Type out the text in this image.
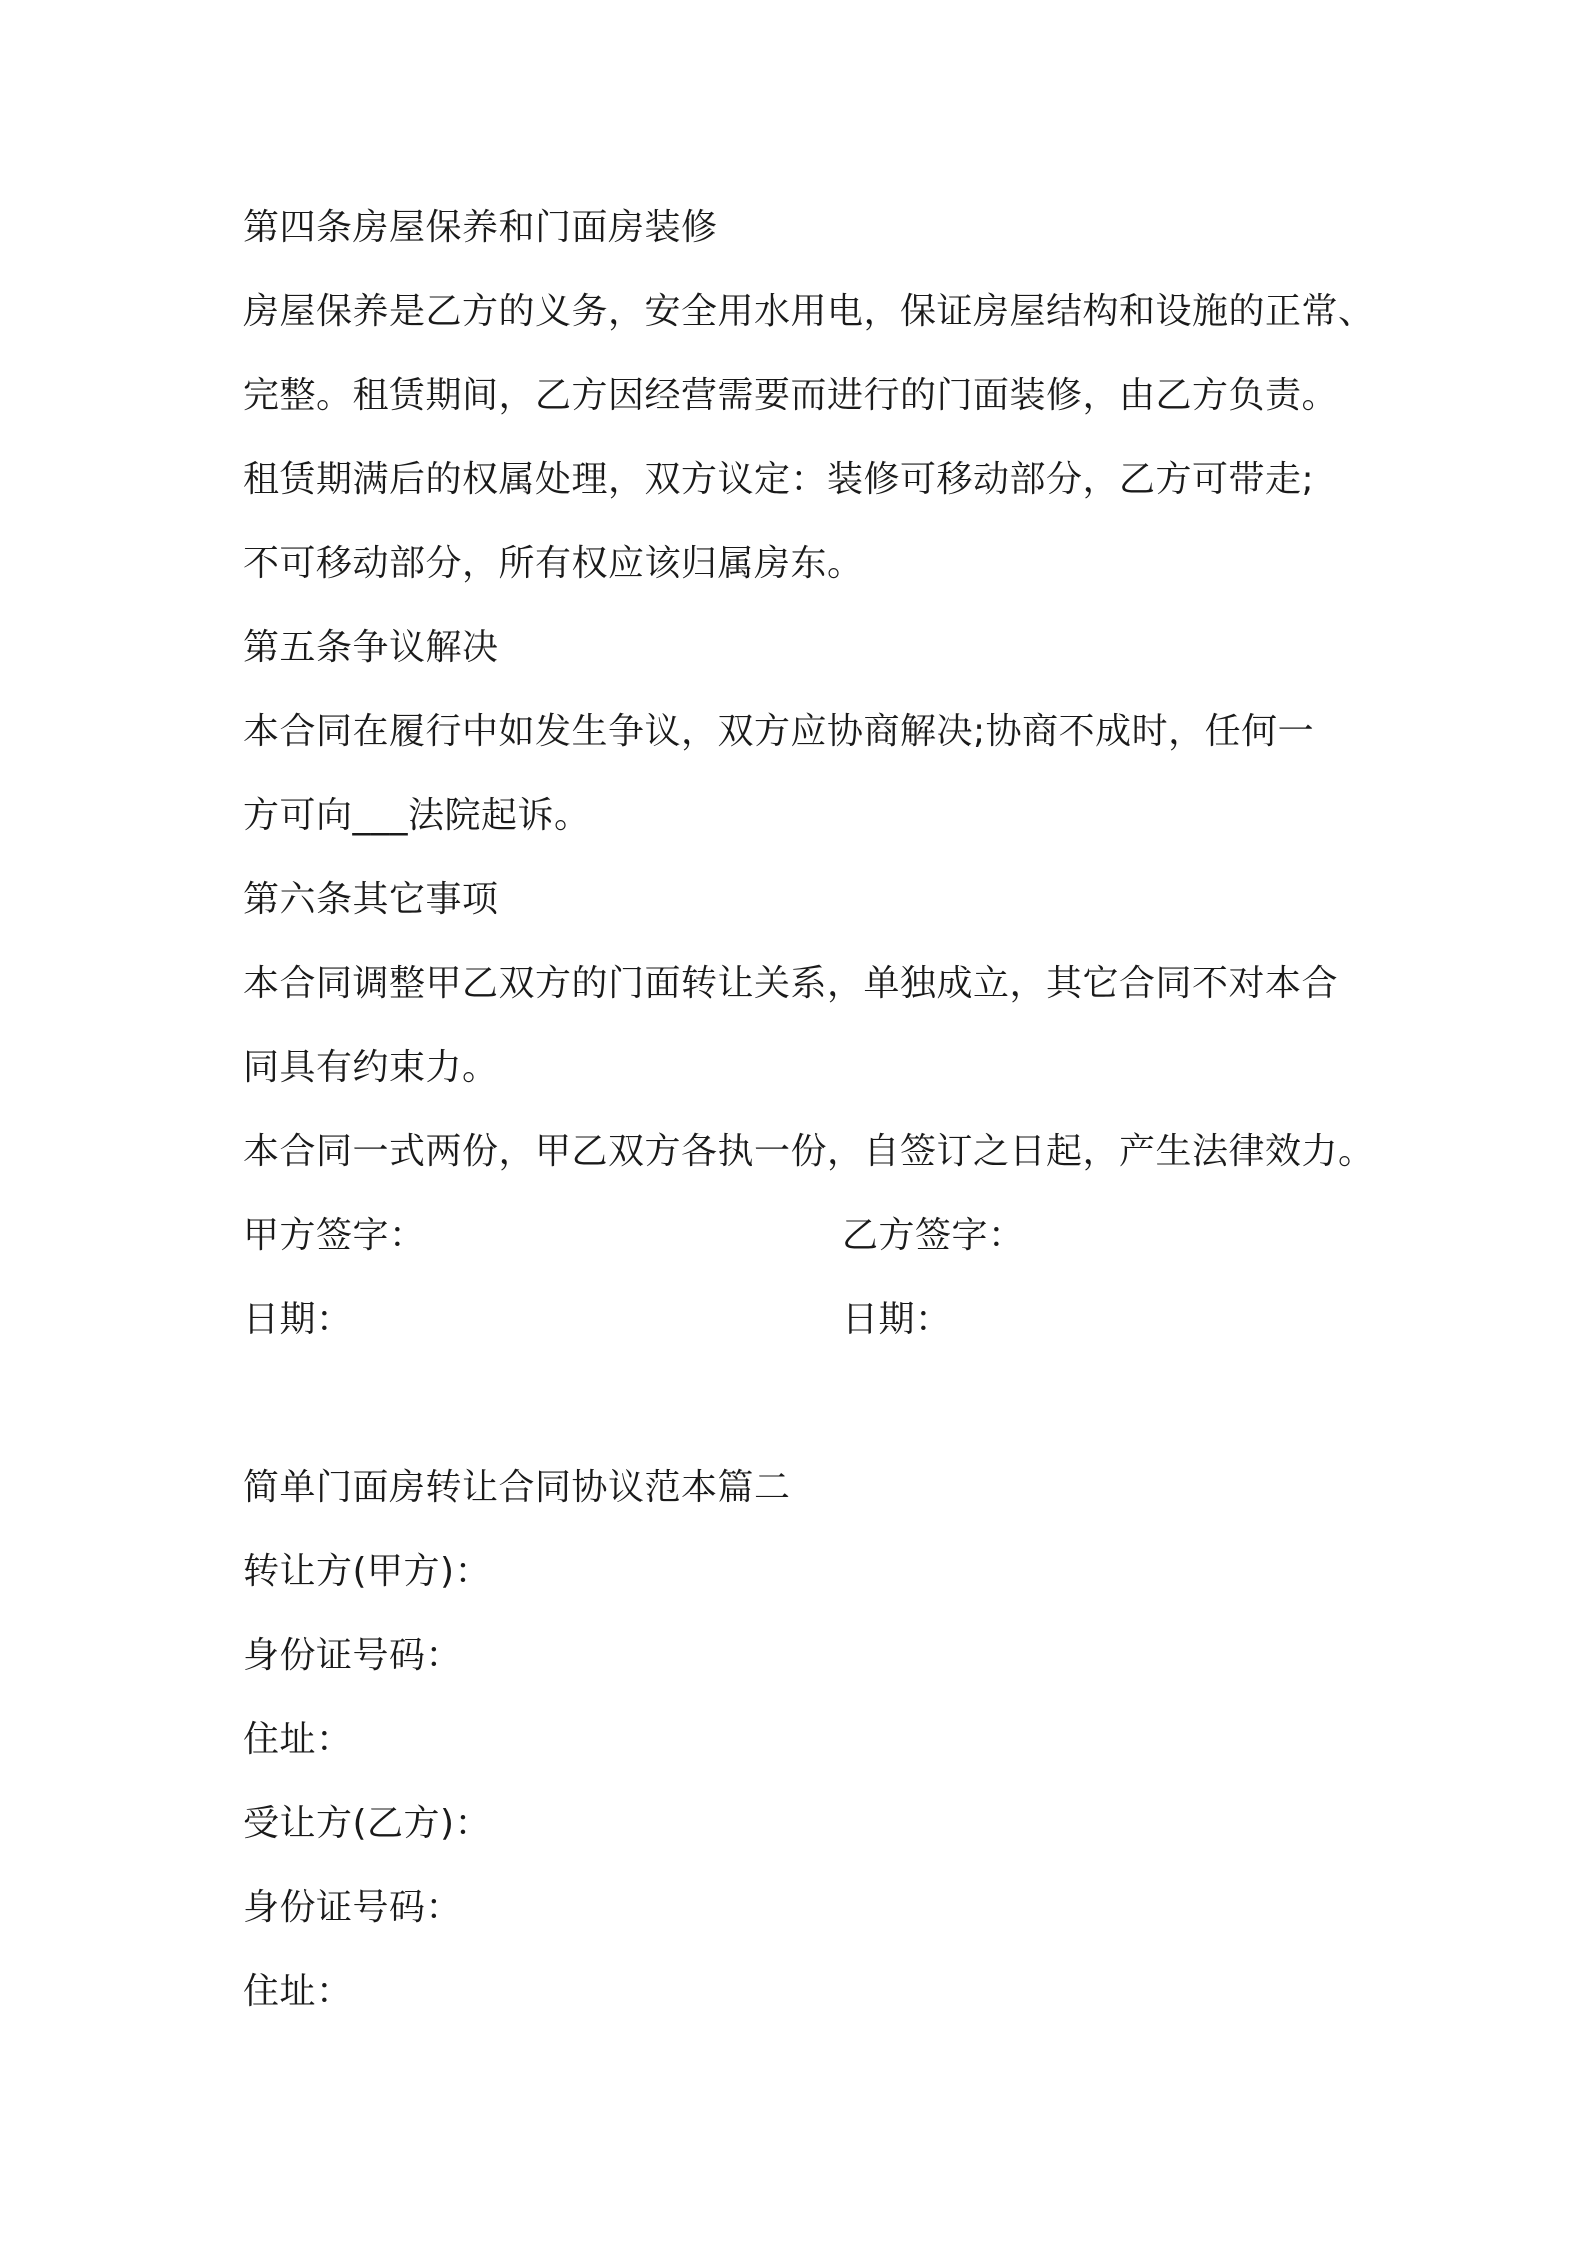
第四条房屋保养和门面房装修
房屋保养是乙方的义务，安全用水用电，保证房屋结构和设施的正常、
完整。租赁期间，乙方因经营需要而进行的门面装修，由乙方负责。
租赁期满后的权属处理，双方议定：装修可移动部分，乙方可带走;
不可移动部分，所有权应该归属房东。
第五条争议解决
本合同在履行中如发生争议，双方应协商解决;协商不成时，任何一
方可向___法院起诉。
第六条其它事项
本合同调整甲乙双方的门面转让关系，单独成立，其它合同不对本合
同具有约束力。
本合同一式两份，甲乙双方各执一份，自签订之日起，产生法律效力。
甲方签字：	乙方签字：
日期：	日期：
简单门面房转让合同协议范本篇二
转让方(甲方)：
身份证号码：
住址：
受让方(乙方)：
身份证号码：
住址：
